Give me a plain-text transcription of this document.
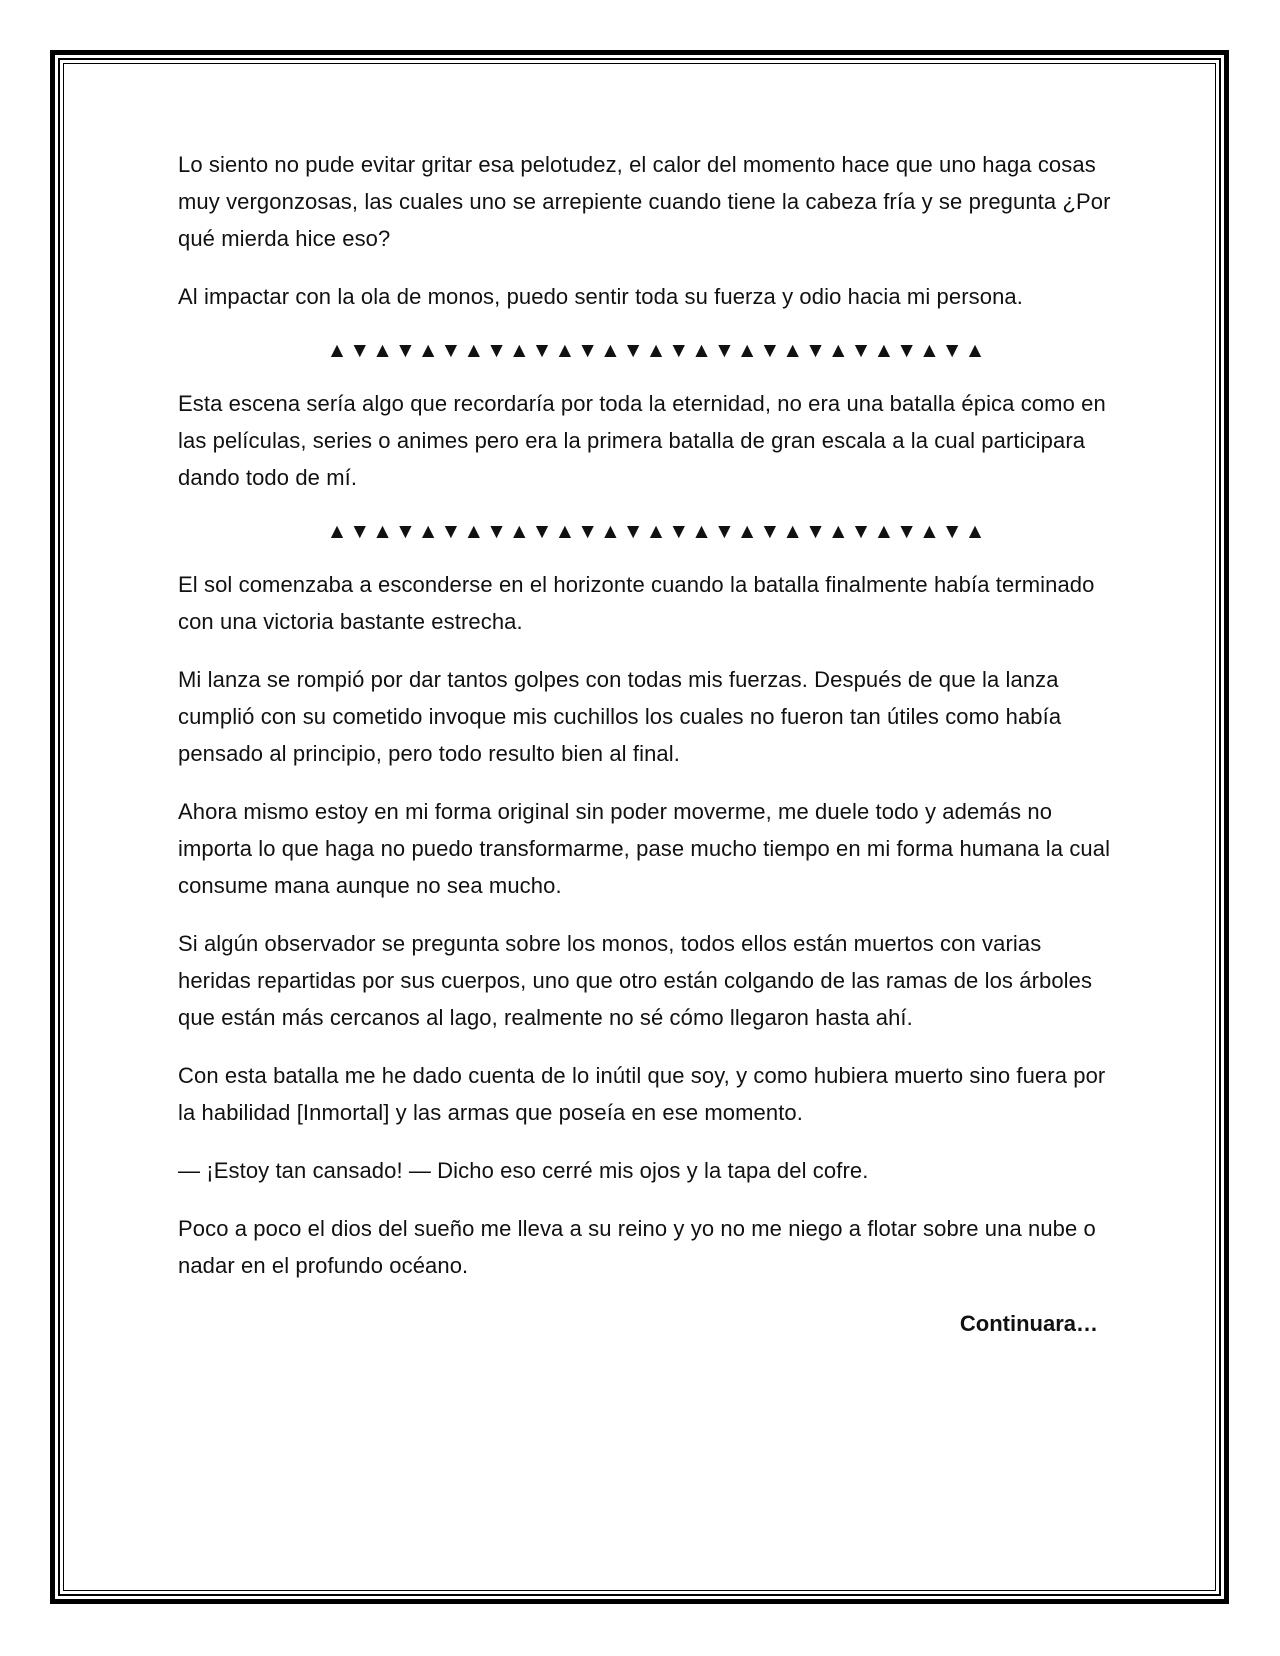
Lo siento no pude evitar gritar esa pelotudez, el calor del momento hace que uno haga cosas muy vergonzosas, las cuales uno se arrepiente cuando tiene la cabeza fría y se pregunta ¿Por qué mierda hice eso?

Al impactar con la ola de monos, puedo sentir toda su fuerza y odio hacia mi persona.

▲▼▲▼▲▼▲▼▲▼▲▼▲▼▲▼▲▼▲▼▲▼▲▼▲▼▲▼▲

Esta escena sería algo que recordaría por toda la eternidad, no era una batalla épica como en las películas, series o animes pero era la primera batalla de gran escala a la cual participara dando todo de mí.

▲▼▲▼▲▼▲▼▲▼▲▼▲▼▲▼▲▼▲▼▲▼▲▼▲▼▲▼▲

El sol comenzaba a esconderse en el horizonte cuando la batalla finalmente había terminado con una victoria bastante estrecha.

Mi lanza se rompió por dar tantos golpes con todas mis fuerzas. Después de que la lanza cumplió con su cometido invoque mis cuchillos los cuales no fueron tan útiles como había pensado al principio, pero todo resulto bien al final.

Ahora mismo estoy en mi forma original sin poder moverme, me duele todo y además no importa lo que haga no puedo transformarme, pase mucho tiempo en mi forma humana la cual consume mana aunque no sea mucho.

Si algún observador se pregunta sobre los monos, todos ellos están muertos con varias heridas repartidas por sus cuerpos, uno que otro están colgando de las ramas de los árboles que están más cercanos al lago, realmente no sé cómo llegaron hasta ahí.

Con esta batalla me he dado cuenta de lo inútil que soy, y como hubiera muerto sino fuera por la habilidad [Inmortal] y las armas que poseía en ese momento.

— ¡Estoy tan cansado! — Dicho eso cerré mis ojos y la tapa del cofre.

Poco a poco el dios del sueño me lleva a su reino y yo no me niego a flotar sobre una nube o nadar en el profundo océano.

Continuara…
